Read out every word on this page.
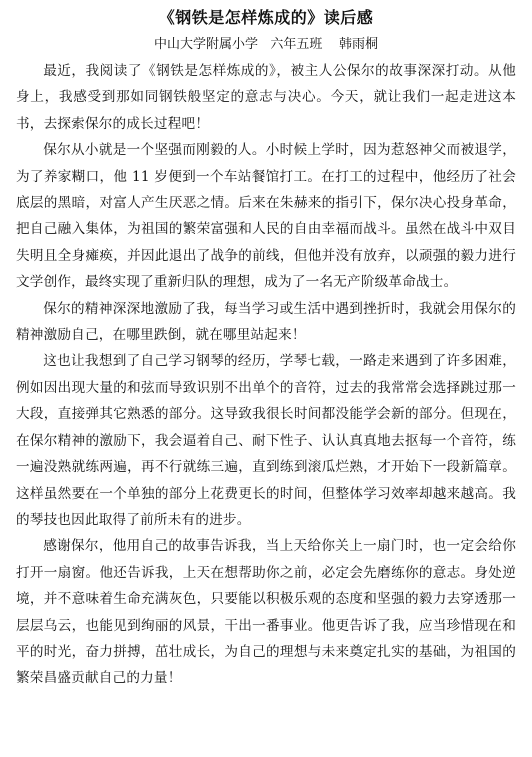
《钢铁是怎样炼成的》读后感
中山大学附属小学   六年五班    韩雨桐

最近，我阅读了《钢铁是怎样炼成的》，被主人公保尔的故事深深打动。从他身上，我感受到那如同钢铁般坚定的意志与决心。今天，就让我们一起走进这本书，去探索保尔的成长过程吧！

保尔从小就是一个坚强而刚毅的人。小时候上学时，因为惹怒神父而被退学，为了养家糊口，他 11 岁便到一个车站餐馆打工。在打工的过程中，他经历了社会底层的黑暗，对富人产生厌恶之情。后来在朱赫来的指引下，保尔决心投身革命，把自己融入集体，为祖国的繁荣富强和人民的自由幸福而战斗。虽然在战斗中双目失明且全身瘫痪，并因此退出了战争的前线，但他并没有放弃，以顽强的毅力进行文学创作，最终实现了重新归队的理想，成为了一名无产阶级革命战士。

保尔的精神深深地激励了我，每当学习或生活中遇到挫折时，我就会用保尔的精神激励自己，在哪里跌倒，就在哪里站起来！

这也让我想到了自己学习钢琴的经历，学琴七载，一路走来遇到了许多困难，例如因出现大量的和弦而导致识别不出单个的音符，过去的我常常会选择跳过那一大段，直接弹其它熟悉的部分。这导致我很长时间都没能学会新的部分。但现在，在保尔精神的激励下，我会逼着自己、耐下性子、认认真真地去抠每一个音符，练一遍没熟就练两遍，再不行就练三遍，直到练到滚瓜烂熟，才开始下一段新篇章。这样虽然要在一个单独的部分上花费更长的时间，但整体学习效率却越来越高。我的琴技也因此取得了前所未有的进步。

感谢保尔，他用自己的故事告诉我，当上天给你关上一扇门时，也一定会给你打开一扇窗。他还告诉我，上天在想帮助你之前，必定会先磨练你的意志。身处逆境，并不意味着生命充满灰色，只要能以积极乐观的态度和坚强的毅力去穿透那一层层乌云，也能见到绚丽的风景，干出一番事业。他更告诉了我，应当珍惜现在和平的时光，奋力拼搏，茁壮成长，为自己的理想与未来奠定扎实的基础，为祖国的繁荣昌盛贡献自己的力量！
